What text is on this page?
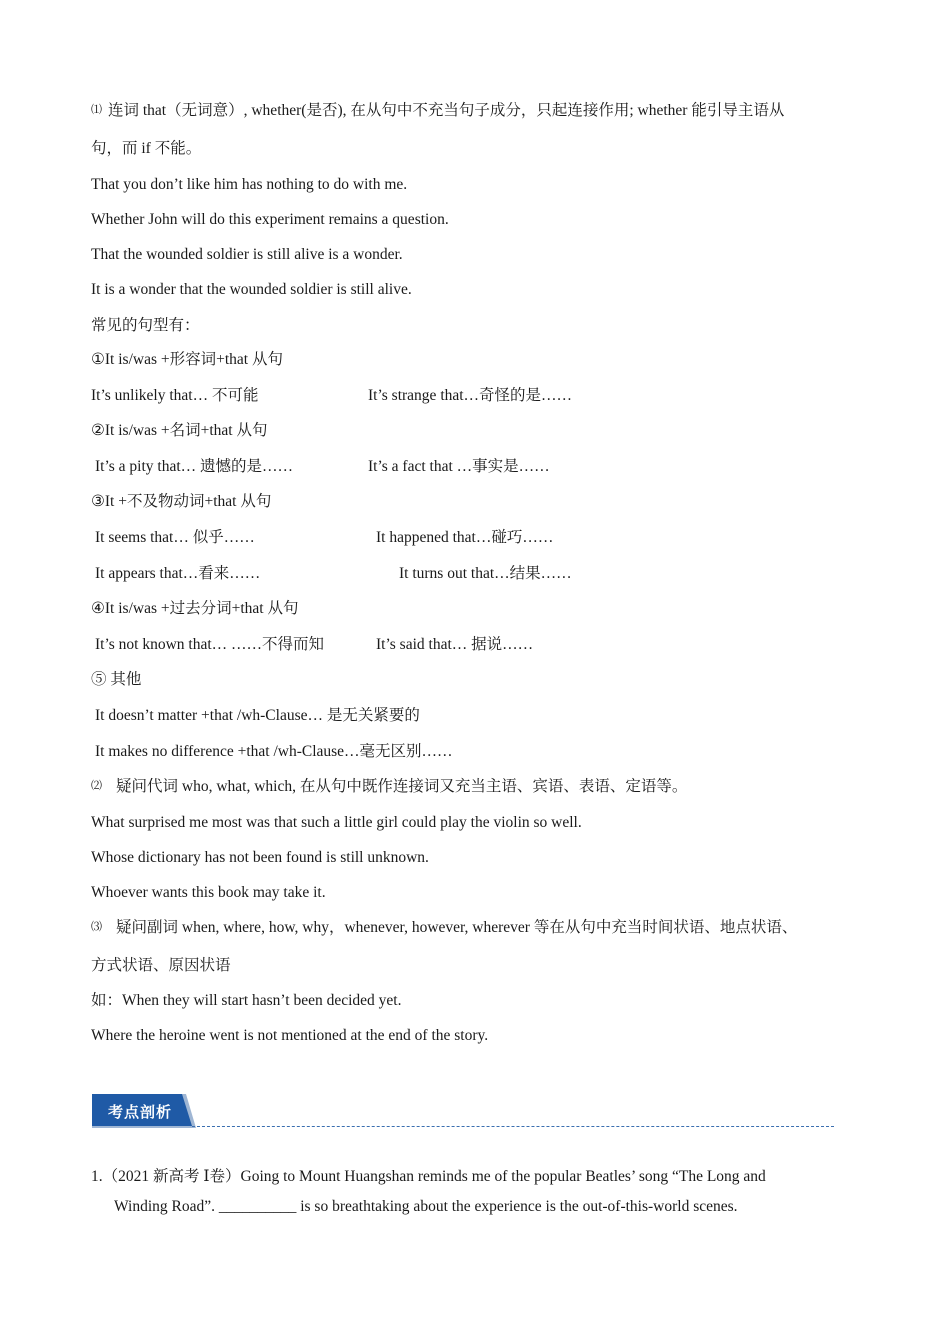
⑴ 连词 that（无词意）, whether(是否), 在从句中不充当句子成分，只起连接作用; whether 能引导主语从
句，而 if 不能。
That you don’t like him has nothing to do with me.
Whether John will do this experiment remains a question.
That the wounded soldier is still alive is a wonder.
It is a wonder that the wounded soldier is still alive.
常见的句型有：
①It is/was +形容词+that 从句
It’s unlikely that… 不可能	It’s strange that…奇怪的是……
②It is/was +名词+that 从句
It’s a pity that… 遗憾的是……	It’s a fact that …事实是……
③It +不及物动词+that 从句
It seems that… 似乎……	It happened that…碰巧……
It appears that…看来……	It turns out that…结果……
④It is/was +过去分词+that 从句
It’s not known that… ……不得而知	It’s said that… 据说……
⑤ 其他
It doesn’t matter +that /wh-Clause… 是无关紧要的
It makes no difference +that /wh-Clause…毫无区别……
⑵ 疑问代词 who, what, which, 在从句中既作连接词又充当主语、宾语、表语、定语等。
What surprised me most was that such a little girl could play the violin so well.
Whose dictionary has not been found is still unknown.
Whoever wants this book may take it.
⑶ 疑问副词 when, where, how, why，whenever, however, wherever 等在从句中充当时间状语、地点状语、
方式状语、原因状语
如：When they will start hasn’t been decided yet.
Where the heroine went is not mentioned at the end of the story.
考点剖析
1.（2021 新高考 Ⅰ卷）Going to Mount Huangshan reminds me of the popular Beatles’ song “The Long and
Winding Road”. __________ is so breathtaking about the experience is the out-of-this-world scenes.
